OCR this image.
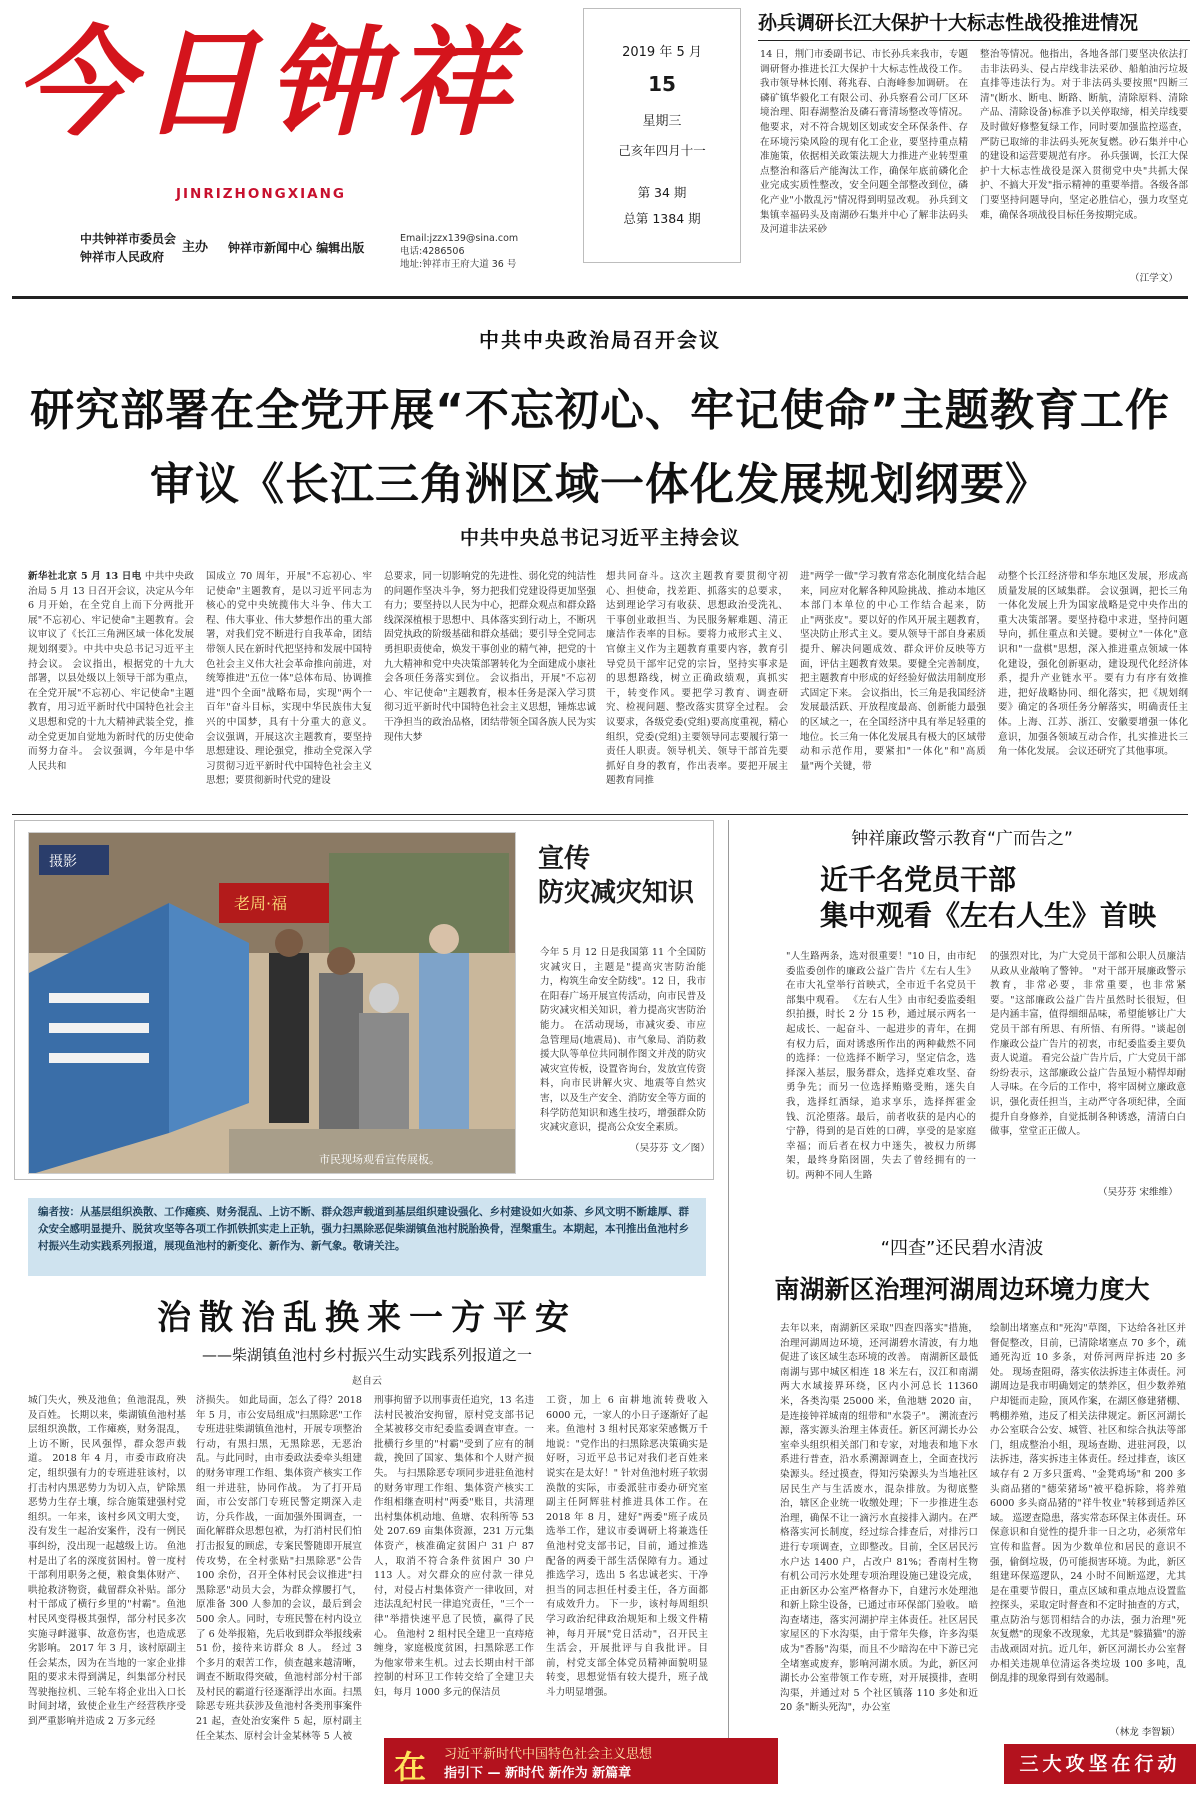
今日钟祥
JINRIZHONGXIANG
中共钟祥市委员会
钟祥市人民政府
主办 钟祥市新闻中心 编辑出版
Email:jzzx139@sina.com
电话:4286506
地址:钟祥市王府大道 36 号
2019 年 5 月
15
星期三
己亥年四月十一
第 34 期
总第 1384 期
孙兵调研长江大保护十大标志性战役推进情况
14 日，荆门市委副书记、市长孙兵来我市，专题调研督办推进长江大保护十大标志性战役工作。我市领导林长刚、蒋兆春、白海峰参加调研。 在磷矿镇华毅化工有限公司、孙兵察看公司厂区环境治理、阳春湖整治及磷石膏清场整改等情况。他要求，对不符合规划区划或安全环保条件、存在环境污染风险的现有化工企业，要坚持重点精准施策，依据相关政策法规大力推进产业转型重点整治和落后产能淘汰工作，确保年底前磷化企业完成实质性整改，安全问题全部整改到位，磷化产业"小散乱污"情况得到明显改观。 孙兵到文集镇幸福码头及南湖砂石集并中心了解非法码头及河道非法采砂
整治等情况。他指出，各地各部门要坚决依法打击非法码头、侵占岸线非法采砂、船舶油污垃圾直排等违法行为。对于非法码头要按照"四断三清"(断水、断电、断路、断航，清除原料、清除产品、清除设备)标准予以关停取缔，相关岸线要及时做好修整复绿工作，同时要加强监控巡查，严防已取缔的非法码头死灰复燃。砂石集并中心的建设和运营要规范有序。 孙兵强调，长江大保护十大标志性战役是深入贯彻党中央"共抓大保护、不搞大开发"指示精神的重要举措。各级各部门要坚持问题导向，坚定必胜信心，强力攻坚克难，确保各项战役目标任务按期完成。
（江学文）
中共中央政治局召开会议
研究部署在全党开展“不忘初心、牢记使命”主题教育工作
审议《长江三角洲区域一体化发展规划纲要》
中共中央总书记习近平主持会议
新华社北京 5 月 13 日电 中共中央政治局 5 月 13 日召开会议，决定从今年 6 月开始，在全党自上而下分两批开展"不忘初心、牢记使命"主题教育。会议审议了《长江三角洲区域一体化发展规划纲要》。中共中央总书记习近平主持会议。 会议指出，根据党的十九大部署，以县处级以上领导干部为重点，在全党开展"不忘初心、牢记使命"主题教育，用习近平新时代中国特色社会主义思想和党的十九大精神武装全党，推动全党更加自觉地为新时代的历史使命而努力奋斗。 会议强调，今年是中华人民共和
国成立 70 周年，开展"不忘初心、牢记使命"主题教育，是以习近平同志为核心的党中央统揽伟大斗争、伟大工程、伟大事业、伟大梦想作出的重大部署，对我们党不断进行自我革命，团结带领人民在新时代把坚持和发展中国特色社会主义伟大社会革命推向前进，对统筹推进"五位一体"总体布局、协调推进"四个全面"战略布局，实现"两个一百年"奋斗目标，实现中华民族伟大复兴的中国梦，具有十分重大的意义。 会议强调，开展这次主题教育，要坚持思想建设、理论强党，推动全党深入学习贯彻习近平新时代中国特色社会主义思想；要贯彻新时代党的建设
总要求，同一切影响党的先进性、弱化党的纯洁性的问题作坚决斗争，努力把我们党建设得更加坚强有力；要坚持以人民为中心，把群众观点和群众路线深深植根于思想中、具体落实到行动上，不断巩固党执政的阶级基础和群众基础；要引导全党同志勇担职责使命，焕发干事创业的精气神，把党的十九大精神和党中央决策部署转化为全面建成小康社会各项任务落实到位。 会议指出，开展"不忘初心、牢记使命"主题教育，根本任务是深入学习贯彻习近平新时代中国特色社会主义思想，锤炼忠诚干净担当的政治品格，团结带领全国各族人民为实现伟大梦
想共同奋斗。这次主题教育要贯彻守初心、担使命，找差距、抓落实的总要求，达到理论学习有收获、思想政治受洗礼、干事创业敢担当、为民服务解难题、清正廉洁作表率的目标。要将力戒形式主义、官僚主义作为主题教育重要内容，教育引导党员干部牢记党的宗旨，坚持实事求是的思想路线，树立正确政绩观，真抓实干，转变作风。要把学习教育、调查研究、检视问题、整改落实贯穿全过程。 会议要求，各级党委(党组)要高度重视，精心组织，党委(党组)主要领导同志要履行第一责任人职责。领导机关、领导干部首先要抓好自身的教育，作出表率。要把开展主题教育同推
进"两学一做"学习教育常态化制度化结合起来，同应对化解各种风险挑战、推动本地区本部门本单位的中心工作结合起来，防止"两张皮"。要以好的作风开展主题教育，坚决防止形式主义。要从领导干部自身素质提升、解决问题成效、群众评价反映等方面，评估主题教育效果。要健全完善制度，把主题教育中形成的好经验好做法用制度形式固定下来。 会议指出，长三角是我国经济发展最活跃、开放程度最高、创新能力最强的区域之一，在全国经济中具有举足轻重的地位。长三角一体化发展具有极大的区域带动和示范作用，要紧扣"一体化"和"高质量"两个关键，带
动整个长江经济带和华东地区发展，形成高质量发展的区域集群。 会议强调，把长三角一体化发展上升为国家战略是党中央作出的重大决策部署。要坚持稳中求进，坚持问题导向，抓住重点和关键。要树立"一体化"意识和"一盘棋"思想，深入推进重点领域一体化建设，强化创新驱动，建设现代化经济体系，提升产业链水平。要有力有序有效推进，把好战略协同、细化落实，把《规划纲要》确定的各项任务分解落实，明确责任主体。上海、江苏、浙江、安徽要增强一体化意识，加强各领域互动合作，扎实推进长三角一体化发展。 会议还研究了其他事项。
摄影
老周·福
市民现场观看宣传展板。
宣传
防灾减灾知识
今年 5 月 12 日是我国第 11 个全国防灾减灾日，主题是"提高灾害防治能力，构筑生命安全防线"。12 日，我市在阳春广场开展宣传活动，向市民普及防灾减灾相关知识，着力提高灾害防治能力。 在活动现场，市减灾委、市应急管理局(地震局)、市气象局、消防救援大队等单位共同制作图文并茂的防灾减灾宣传板，设置咨询台，发放宣传资料，向市民讲解火灾、地震等自然灾害，以及生产安全、消防安全等方面的科学防范知识和逃生技巧，增强群众防灾减灾意识，提高公众安全素质。
（吴芬芬 文／图）
钟祥廉政警示教育“广而告之”
近千名党员干部
集中观看《左右人生》首映
"人生路两条，选对很重要！"10 日，由市纪委监委创作的廉政公益广告片《左右人生》在市大礼堂举行首映式，全市近千名党员干部集中观看。 《左右人生》由市纪委监委组织拍摄，时长 2 分 15 秒，通过展示两名一起成长、一起奋斗、一起进步的青年，在拥有权力后，面对诱惑所作出的两种截然不同的选择：一位选择不断学习，坚定信念，选择深入基层，服务群众，选择克难攻坚、奋勇争先；而另一位选择贿赂受贿，迷失自我，选择红酒绿，追求享乐，选择挥霍金钱、沉沦堕落。最后，前者收获的是内心的宁静，得到的是百姓的口碑，享受的是家庭幸福；而后者在权力中迷失，被权力所绑架，最终身陷囹圄，失去了曾经拥有的一切。两种不同人生路
的强烈对比，为广大党员干部和公职人员廉洁从政从业敲响了警钟。 "对干部开展廉政警示教育，非常必要，非常重要，也非常紧要。"这部廉政公益广告片虽然时长很短，但是内涵丰富，值得细细品味，希望能够让广大党员干部有所思、有所悟、有所得。"谈起创作廉政公益广告片的初衷，市纪委监委主要负责人说道。 看完公益广告片后，广大党员干部纷纷表示，这部廉政公益广告虽短小精悍却耐人寻味。在今后的工作中，将牢固树立廉政意识，强化责任担当，主动严守各项纪律，全面提升自身修养，自觉抵制各种诱惑，清清白白做事，堂堂正正做人。
（吴芬芬 宋维维）
编者按：从基层组织涣散、工作瘫痪、财务混乱、上访不断、群众怨声载道到基层组织建设强化、乡村建设如火如荼、乡风文明不断雄厚、群众安全感明显提升、脱贫攻坚等各项工作抓铁抓实走上正轨，强力扫黑除恶促柴湖镇鱼池村脱胎换骨，涅槃重生。本期起，本刊推出鱼池村乡村振兴生动实践系列报道，展现鱼池村的新变化、新作为、新气象。敬请关注。
治散治乱换来一方平安
——柴湖镇鱼池村乡村振兴生动实践系列报道之一
赵自云
城门失火，殃及池鱼；鱼池混乱，殃及百姓。 长期以来，柴湖镇鱼池村基层组织涣散，工作瘫痪，财务混乱，上访不断，民风强悍，群众怨声载道。 2018 年 4 月，市委市政府决定，组织强有力的专班进驻该村，以打击村内黑恶势力为切入点，铲除黑恶势力生存土壤，综合施策建强村党组织。一年来，该村乡风文明大变，没有发生一起治安案件，没有一例民事纠纷，没出现一起越级上访。 鱼池村是出了名的深度贫困村。曾一度村干部利用职务之便，粮食集体财产、哄抢救济物资，截留群众补贴。部分村干部成了横行乡里的"村霸"。鱼池村民风变得极其强悍，部分村民多次实施寻衅滋事、故意伤害，也造成恶劣影响。 2017 年 3 月，该村原副主任会某杰，因为在当地的一家企业排阻的要求未得到满足，纠集部分村民驾驶拖拉机、三轮车将企业出入口长时间封堵，致使企业生产经营秩序受到严重影响并造成 2 万多元经
济损失。 如此局面，怎么了得？2018 年 5 月，市公安局组成"扫黑除恶"工作专班进驻柴湖镇鱼池村，开展专项整治行动，有黑扫黑，无黑除恶，无恶治乱。与此同时，由市委政法委牵头组建的财务审理工作组、集体资产核实工作组一并进驻，协同作战。 为了打开局面，市公安部门专班民警定期深入走访，分兵作战，一面加强外围调查，一面化解群众思想包袱，为打消村民们怕打击报复的顾虑，专案民警随即开展宣传攻势，在全村张贴"扫黑除恶"公告 100 余份，召开全体村民会议推进"扫黑除恶"动员大会，为群众撑腰打气，原准备 300 人参加的会议，最后到会 500 余人。同时，专班民警在村内设立了 6 处举报箱，先后收到群众举报线索 51 份，接待来访群众 8 人。 经过 3 个多月的艰苦工作，侦查越来越清晰，调查不断取得突破，鱼池村部分村干部及村民的霸道行径逐渐浮出水面。扫黑除恶专班共获涉及鱼池村各类刑事案件 21 起，查处治安案件 5 起，原村副主任全某杰、原村会计金某林等 5 人被
刑事拘留予以刑事责任追究，13 名违法村民被治安拘留，原村党支部书记全某被移交市纪委监委调查审查。一批横行乡里的"村霸"受到了应有的制裁，挽回了国家、集体和个人财产损失。 与扫黑除恶专项同步进驻鱼池村的财务审理工作组、集体资产核实工作组相继查明村"两委"账目，共清理出村集体机动地、鱼塘、农科所等 53 处 207.69 亩集体资源，231 万元集体资产，核准确定贫困户 31 户 87 人，取消不符合条件贫困户 30 户 113 人。对欠群众的应付款一律兑付，对侵占村集体资产一律收回，对违法乱纪村民一律追究责任，"三个一律"举措快速平息了民愤，赢得了民心。 鱼池村 2 组村民全建卫一直痔疮缠身，家庭极度贫困，扫黑除恶工作为他家带来生机。过去长期由村干部控制的村环卫工作转交给了全建卫夫妇，每月 1000 多元的保洁员
工资，加上 6 亩耕地流转费收入 6000 元，一家人的小日子逐渐好了起来。鱼池村 3 组村民郑家荣感慨万千地说："党作出的扫黑除恶决策确实是好呀，习近平总书记对我们老百姓来说实在是太好！" 针对鱼池村班子软弱涣散的实际，市委派驻市委办研究室副主任阿辉驻村推进具体工作。在 2018 年 8 月，建好"两委"班子成员选举工作，建议市委调研上将兼选任鱼池村党支部书记，目前，通过推选配备的两委干部生活保障有力。通过推选学习，选出 5 名忠诚老实、干净担当的同志担任村委主任，各方面都有成效升力。 下一步，该村每周组织学习政治纪律政治规矩和上级文件精神，每月开展"党日活动"，召开民主生活会，开展批评与自我批评。目前，村党支部全体党员精神面貌明显转变，思想觉悟有较大提升，班子战斗力明显增强。
在 习近平新时代中国特色社会主义思想
指引下 — 新时代 新作为 新篇章
“四查”还民碧水清波
南湖新区治理河湖周边环境力度大
去年以来，南湖新区采取"四查四落实"措施，治理河湖周边环境，还河湖碧水清波，有力地促进了该区域生态环境的改善。 南湖新区最低南湖与郢中城区相连 18 米左右，汉江和南湖两大水域接界环绕，区内小河总长 11360 米，各类沟渠 25000 米，鱼池塘 2020 亩，是连接钟祥城南的纽带和"水袋子"。 溯流查污源，落实源头治理主体责任。新区河湖长办公室牵头组织相关部门和专家，对地表和地下水系进行普查，沿水系溯源调查上，全面查找污染源头。经过摸查，得知污染源头为当地社区居民生产与生活废水，混杂排放。为彻底整治，辖区企业统一收缴处理；下一步推进生态治理，确保不让一滴污水直接排入湖内。在严格落实河长制度，经过综合排查后，对排污口进行专项调查，立即整改。目前，全区居民污水户达 1400 户，占改户 81%；香南村生物有机公司污水处理专项治理设施已建设完成，正由新区办公室严格督办下，自建污水处理池和新上除尘设备，已通过市环保部门验收。 暗沟查堵违，落实河湖护岸主体责任。社区居民家屋区的下水沟渠，由于常年失修，许多沟渠成为"香肠"沟渠，而且不少暗沟在中下游已完全堵塞或废弃，影响河湖水质。为此，新区河湖长办公室带领工作专班，对开展摸排，查明沟渠，并通过对 5 个社区镇落 110 多处和近 20 条"断头死沟"，办公室
绘制出堵塞点和"死沟"草图，下达给各社区并督促整改，目前，已清除堵塞点 70 多个，疏通死沟近 10 多条，对侨河两岸拆违 20 多处。 现场查阻碍，落实依法拆违主体责任。河湖周边是我市明确划定的禁养区，但少数养殖户却铤而走险，顶风作案，在湖区修建猪棚、鸭棚养殖，违反了相关法律规定。新区河湖长办公室联合公安、城管、社区和综合执法等部门，组成整治小组，现场查勘、进驻河段，以法拆违，落实拆违主体责任。经过排查，该区域存有 2 万多只蛋鸡、"金凳鸡场"和 200 多头商品猪的"德荣猪场"被平稳拆除，将养殖 6000 多头商品猪的"祥牛牧业"转移到适养区域。 巡逻查隐患，落实常态环保主体责任。环保意识和自觉性的提升非一日之功，必须常年宣传和监督。因为少数单位和居民的意识不强，偷倒垃圾，仍可能损害环境。为此，新区组建环保巡逻队，24 小时不间断巡逻，尤其是在重要节假日，重点区域和重点地点设置监控探头，采取定时督查和不定时抽查的方式，重点防治与惩罚相结合的办法，强力治理"死灰复燃"的现象不改现象，尤其是"躲猫猫"的游击战顽固对抗。近几年，新区河湖长办公室督办相关违规单位清运各类垃圾 100 多吨，乱倒乱排的现象得到有效遏制。
（林龙 李智颖）
三大攻坚在行动
